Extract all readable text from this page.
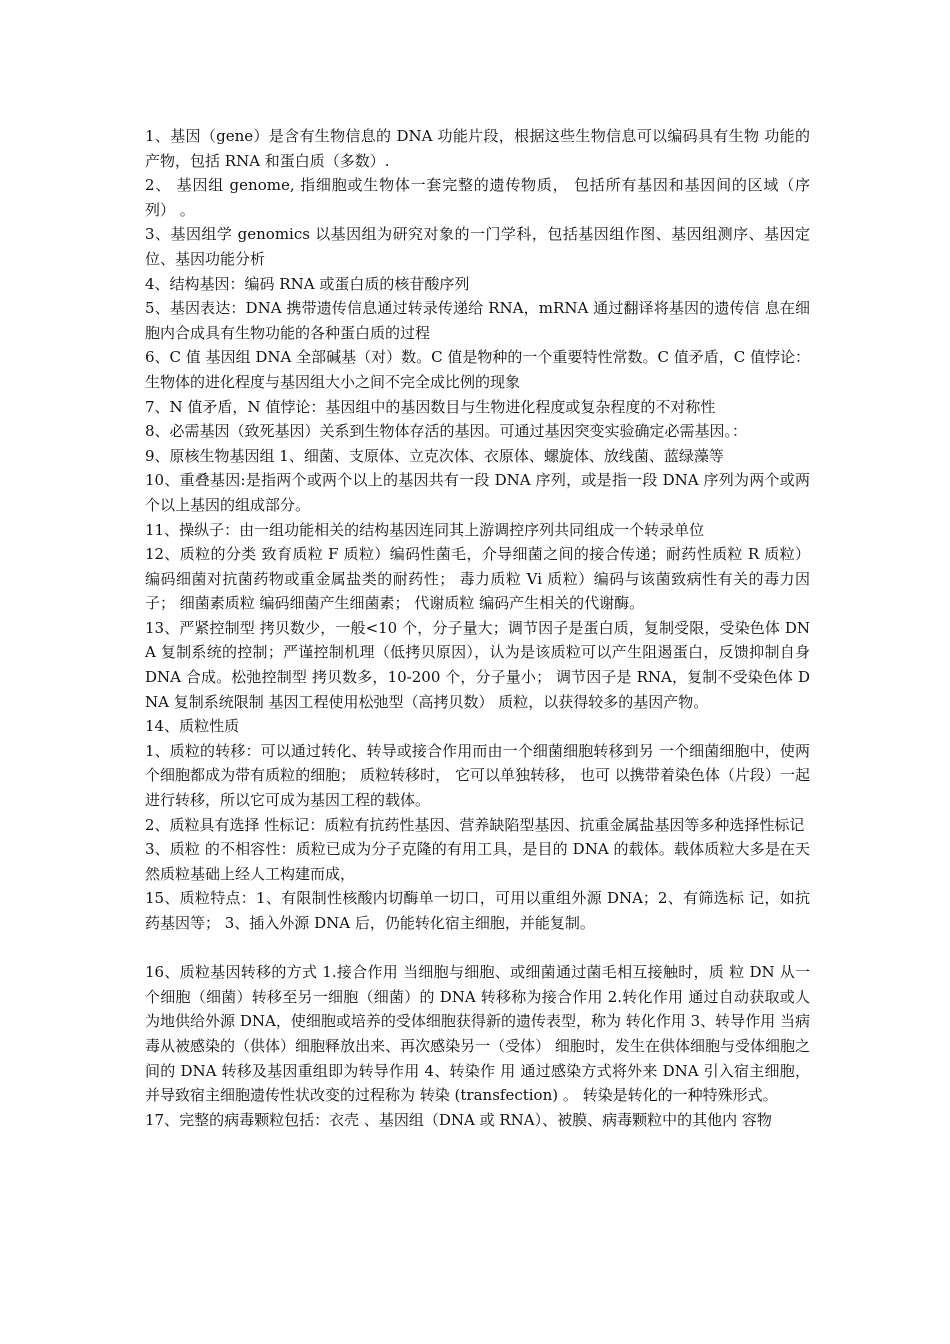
1、基因（gene）是含有生物信息的 DNA 功能片段，根据这些生物信息可以编码具有生物 功能的产物，包括 RNA 和蛋白质（多数）.

2、 基因组 genome, 指细胞或生物体一套完整的遗传物质， 包括所有基因和基因间的区域（序 列） 。

3、基因组学 genomics 以基因组为研究对象的一门学科，包括基因组作图、基因组测序、基因定位、基因功能分析

4、结构基因：编码 RNA 或蛋白质的核苷酸序列

5、基因表达：DNA 携带遗传信息通过转录传递给 RNA，mRNA 通过翻译将基因的遗传信 息在细胞内合成具有生物功能的各种蛋白质的过程

6、C 值 基因组 DNA 全部碱基（对）数。C 值是物种的一个重要特性常数。C 值矛盾，C 值悖论：生物体的进化程度与基因组大小之间不完全成比例的现象

7、N 值矛盾，N 值悖论：基因组中的基因数目与生物进化程度或复杂程度的不对称性

8、必需基因（致死基因）关系到生物体存活的基因。可通过基因突变实验确定必需基因。：

9、原核生物基因组 1、细菌、支原体、立克次体、衣原体、螺旋体、放线菌、蓝绿藻等

10、重叠基因:是指两个或两个以上的基因共有一段 DNA 序列，或是指一段 DNA 序列为两个或两个以上基因的组成部分。

11、操纵子：由一组功能相关的结构基因连同其上游调控序列共同组成一个转录单位

12、质粒的分类 致育质粒 F 质粒）编码性菌毛，介导细菌之间的接合传递；耐药性质粒 R 质粒） 编码细菌对抗菌药物或重金属盐类的耐药性； 毒力质粒 Vi 质粒）编码与该菌致病性有关的毒力因子； 细菌素质粒 编码细菌产生细菌素； 代谢质粒 编码产生相关的代谢酶。

13、严紧控制型 拷贝数少，一般<10 个，分子量大；调节因子是蛋白质，复制受限，受染色体 DNA 复制系统的控制；严谨控制机理（低拷贝原因），认为是该质粒可以产生阻遏蛋白，反馈抑制自身 DNA 合成。松弛控制型 拷贝数多，10-200 个，分子量小； 调节因子是 RNA，复制不受染色体 DNA 复制系统限制 基因工程使用松弛型（高拷贝数） 质粒，以获得较多的基因产物。

14、质粒性质

1、质粒的转移：可以通过转化、转导或接合作用而由一个细菌细胞转移到另 一个细菌细胞中，使两个细胞都成为带有质粒的细胞； 质粒转移时， 它可以单独转移， 也可 以携带着染色体（片段）一起进行转移，所以它可成为基因工程的载体。

2、质粒具有选择 性标记：质粒有抗药性基因、营养缺陷型基因、抗重金属盐基因等多种选择性标记

3、质粒 的不相容性：质粒已成为分子克隆的有用工具，是目的 DNA 的载体。载体质粒大多是在天 然质粒基础上经人工构建而成，

15、质粒特点：1、有限制性核酸内切酶单一切口，可用以重组外源 DNA；2、有筛选标 记，如抗药基因等； 3、插入外源 DNA 后，仍能转化宿主细胞，并能复制。

16、质粒基因转移的方式 1.接合作用 当细胞与细胞、或细菌通过菌毛相互接触时，质 粒 DN 从一个细胞（细菌）转移至另一细胞（细菌）的 DNA 转移称为接合作用 2.转化作用 通过自动获取或人为地供给外源 DNA，使细胞或培养的受体细胞获得新的遗传表型，称为 转化作用 3、转导作用 当病毒从被感染的（供体）细胞释放出来、再次感染另一（受体） 细胞时，发生在供体细胞与受体细胞之间的 DNA 转移及基因重组即为转导作用 4、转染作 用 通过感染方式将外来 DNA 引入宿主细胞，并导致宿主细胞遗传性状改变的过程称为 转染 (transfection) 。 转染是转化的一种特殊形式。

17、完整的病毒颗粒包括：衣壳 、基因组（DNA 或 RNA）、被膜、病毒颗粒中的其他内 容物
